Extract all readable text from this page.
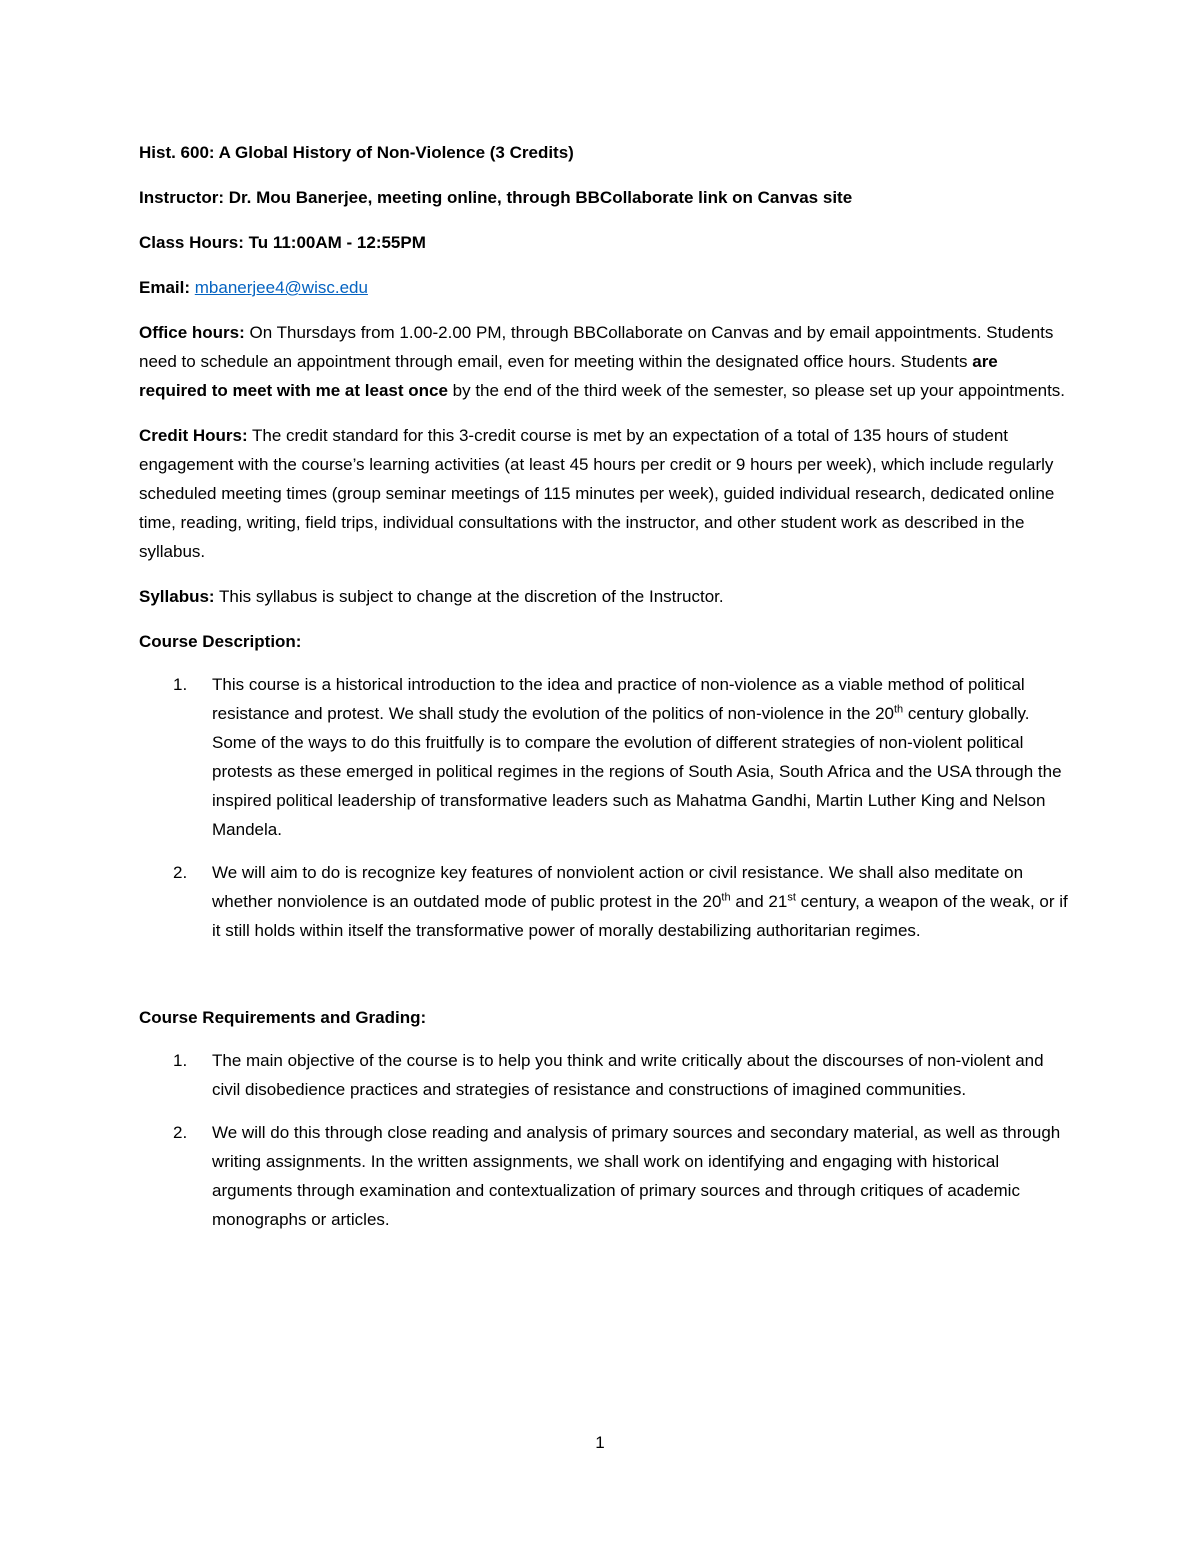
Hist. 600: A Global History of Non-Violence (3 Credits)

Instructor: Dr. Mou Banerjee, meeting online, through BBCollaborate link on Canvas site

Class Hours: Tu 11:00AM - 12:55PM

Email: mbanerjee4@wisc.edu

Office hours: On Thursdays from 1.00-2.00 PM, through BBCollaborate on Canvas and by email appointments. Students need to schedule an appointment through email, even for meeting within the designated office hours. Students are required to meet with me at least once by the end of the third week of the semester, so please set up your appointments.

Credit Hours: The credit standard for this 3-credit course is met by an expectation of a total of 135 hours of student engagement with the course’s learning activities (at least 45 hours per credit or 9 hours per week), which include regularly scheduled meeting times (group seminar meetings of 115 minutes per week), guided individual research, dedicated online time, reading, writing, field trips, individual consultations with the instructor, and other student work as described in the syllabus.

Syllabus: This syllabus is subject to change at the discretion of the Instructor.

Course Description:

1. This course is a historical introduction to the idea and practice of non-violence as a viable method of political resistance and protest. We shall study the evolution of the politics of non-violence in the 20th century globally. Some of the ways to do this fruitfully is to compare the evolution of different strategies of non-violent political protests as these emerged in political regimes in the regions of South Asia, South Africa and the USA through the inspired political leadership of transformative leaders such as Mahatma Gandhi, Martin Luther King and Nelson Mandela.
2. We will aim to do is recognize key features of nonviolent action or civil resistance. We shall also meditate on whether nonviolence is an outdated mode of public protest in the 20th and 21st century, a weapon of the weak, or if it still holds within itself the transformative power of morally destabilizing authoritarian regimes.

Course Requirements and Grading:

1. The main objective of the course is to help you think and write critically about the discourses of non-violent and civil disobedience practices and strategies of resistance and constructions of imagined communities.
2. We will do this through close reading and analysis of primary sources and secondary material, as well as through writing assignments. In the written assignments, we shall work on identifying and engaging with historical arguments through examination and contextualization of primary sources and through critiques of academic monographs or articles.
1
